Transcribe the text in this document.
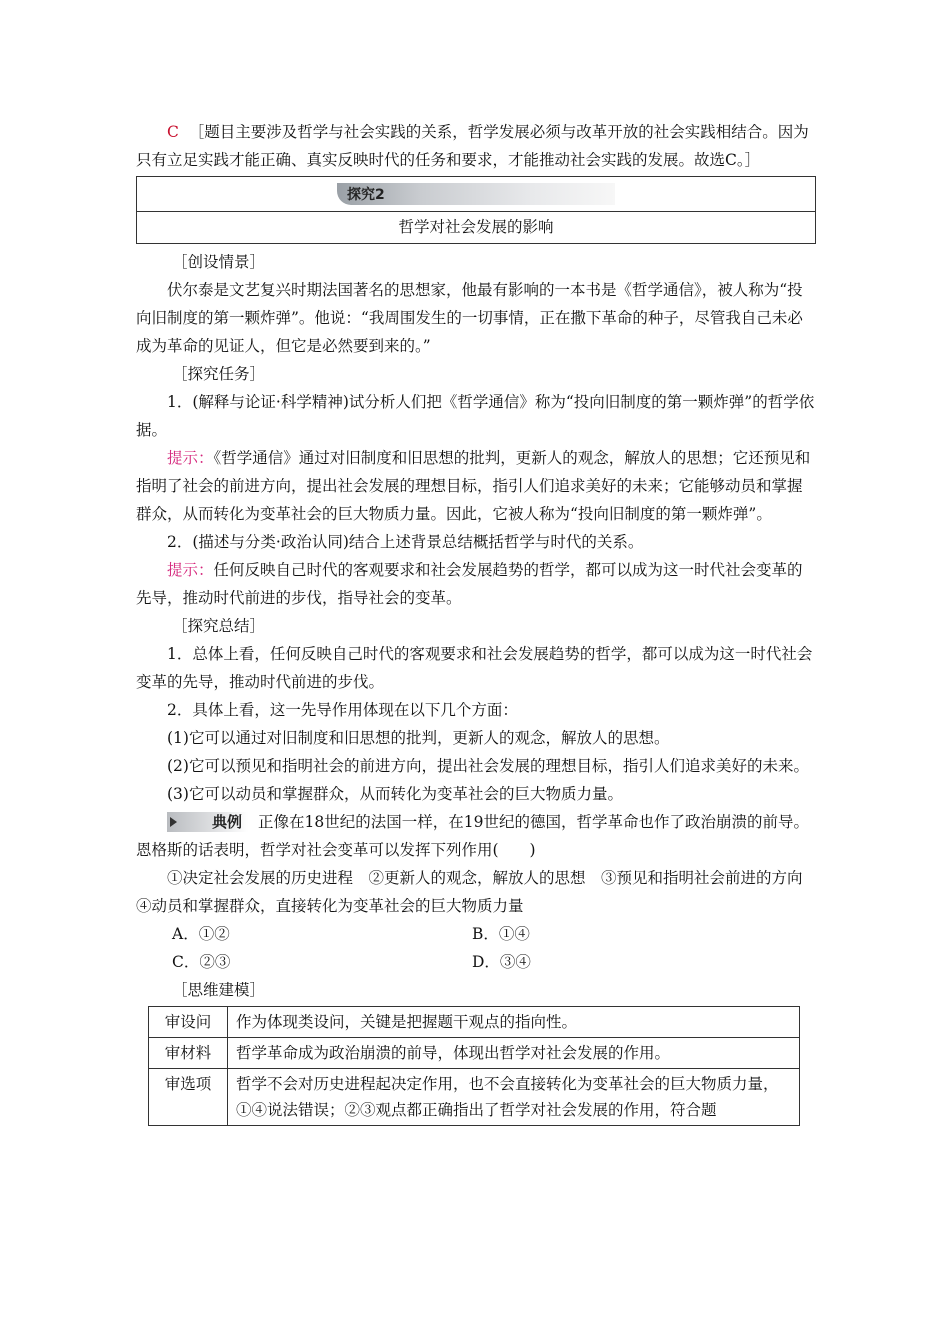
C ［题目主要涉及哲学与社会实践的关系，哲学发展必须与改革开放的社会实践相结合。因为只有立足实践才能正确、真实反映时代的任务和要求，才能推动社会实践的发展。故选C。］

探究2
哲学对社会发展的影响

［创设情景］

伏尔泰是文艺复兴时期法国著名的思想家，他最有影响的一本书是《哲学通信》，被人称为“投向旧制度的第一颗炸弹”。他说：“我周围发生的一切事情，正在撒下革命的种子，尽管我自己未必成为革命的见证人，但它是必然要到来的。”

［探究任务］

1．(解释与论证·科学精神)试分析人们把《哲学通信》称为“投向旧制度的第一颗炸弹”的哲学依据。

提示：《哲学通信》通过对旧制度和旧思想的批判，更新人的观念，解放人的思想；它还预见和指明了社会的前进方向，提出社会发展的理想目标，指引人们追求美好的未来；它能够动员和掌握群众，从而转化为变革社会的巨大物质力量。因此，它被人称为“投向旧制度的第一颗炸弹”。

2．(描述与分类·政治认同)结合上述背景总结概括哲学与时代的关系。

提示：任何反映自己时代的客观要求和社会发展趋势的哲学，都可以成为这一时代社会变革的先导，推动时代前进的步伐，指导社会的变革。

［探究总结］

1．总体上看，任何反映自己时代的客观要求和社会发展趋势的哲学，都可以成为这一时代社会变革的先导，推动时代前进的步伐。

2．具体上看，这一先导作用体现在以下几个方面：

(1)它可以通过对旧制度和旧思想的批判，更新人的观念，解放人的思想。

(2)它可以预见和指明社会的前进方向，提出社会发展的理想目标，指引人们追求美好的未来。

(3)它可以动员和掌握群众，从而转化为变革社会的巨大物质力量。

典例 正像在18世纪的法国一样，在19世纪的德国，哲学革命也作了政治崩溃的前导。恩格斯的话表明，哲学对社会变革可以发挥下列作用(　　)

①决定社会发展的历史进程　②更新人的观念，解放人的思想　③预见和指明社会前进的方向　④动员和掌握群众，直接转化为变革社会的巨大物质力量

A．①②	B．①④
C．②③	D．③④

［思维建模］

审设问	作为体现类设问，关键是把握题干观点的指向性。
审材料	哲学革命成为政治崩溃的前导，体现出哲学对社会发展的作用。
审选项	哲学不会对历史进程起决定作用，也不会直接转化为变革社会的巨大物质力量，①④说法错误；②③观点都正确指出了哲学对社会发展的作用，符合题
